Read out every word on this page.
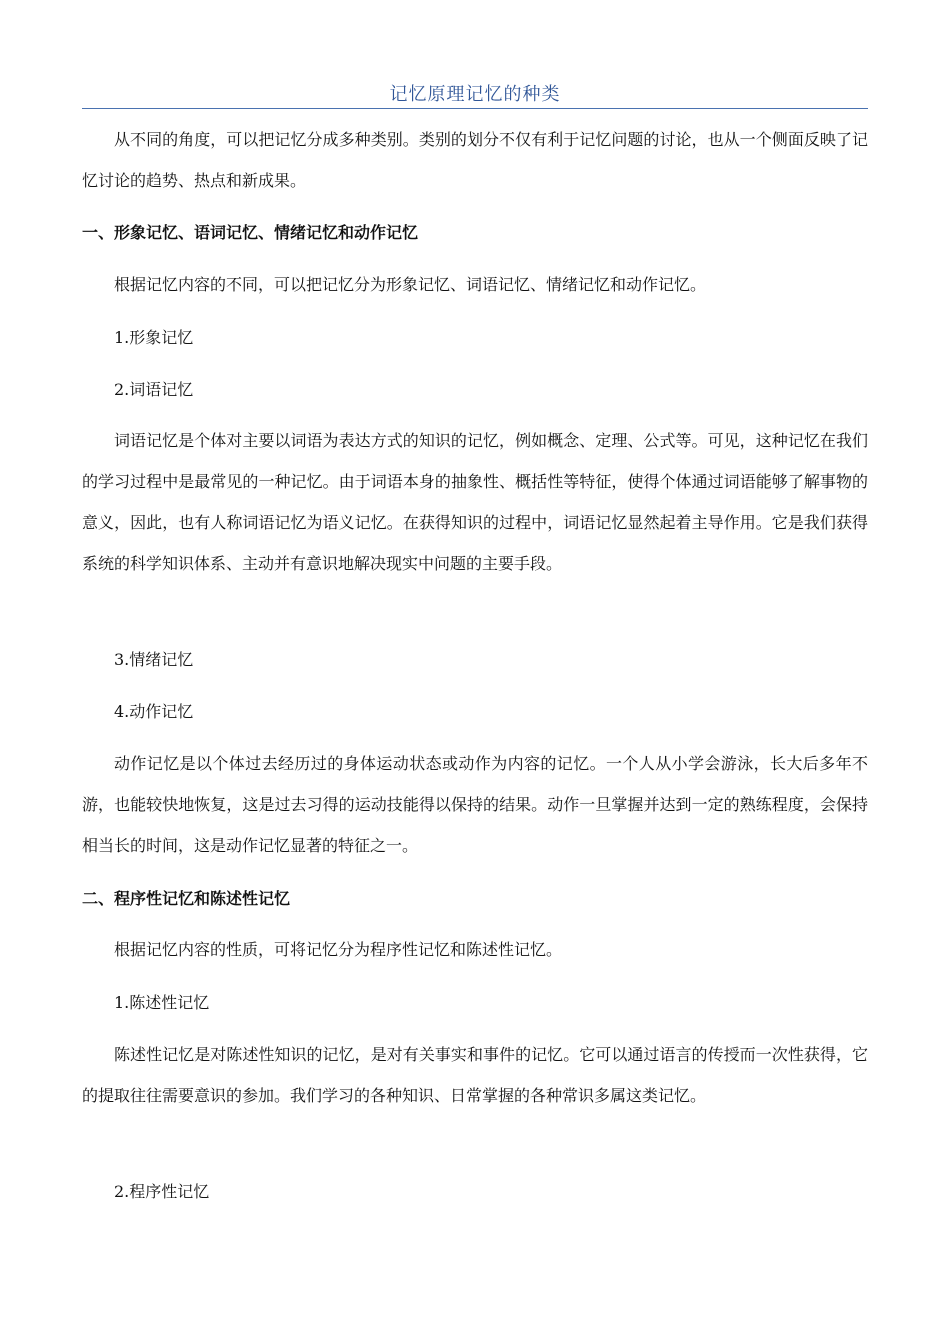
记忆原理记忆的种类

从不同的角度，可以把记忆分成多种类别。类别的划分不仅有利于记忆问题的讨论，也从一个侧面反映了记忆讨论的趋势、热点和新成果。

一、形象记忆、语词记忆、情绪记忆和动作记忆

根据记忆内容的不同，可以把记忆分为形象记忆、词语记忆、情绪记忆和动作记忆。

1.形象记忆

2.词语记忆

词语记忆是个体对主要以词语为表达方式的知识的记忆，例如概念、定理、公式等。可见，这种记忆在我们的学习过程中是最常见的一种记忆。由于词语本身的抽象性、概括性等特征，使得个体通过词语能够了解事物的意义，因此，也有人称词语记忆为语义记忆。在获得知识的过程中，词语记忆显然起着主导作用。它是我们获得系统的科学知识体系、主动并有意识地解决现实中问题的主要手段。

3.情绪记忆

4.动作记忆

动作记忆是以个体过去经历过的身体运动状态或动作为内容的记忆。一个人从小学会游泳，长大后多年不游，也能较快地恢复，这是过去习得的运动技能得以保持的结果。动作一旦掌握并达到一定的熟练程度，会保持相当长的时间，这是动作记忆显著的特征之一。

二、程序性记忆和陈述性记忆

根据记忆内容的性质，可将记忆分为程序性记忆和陈述性记忆。

1.陈述性记忆

陈述性记忆是对陈述性知识的记忆，是对有关事实和事件的记忆。它可以通过语言的传授而一次性获得，它的提取往往需要意识的参加。我们学习的各种知识、日常掌握的各种常识多属这类记忆。

2.程序性记忆
